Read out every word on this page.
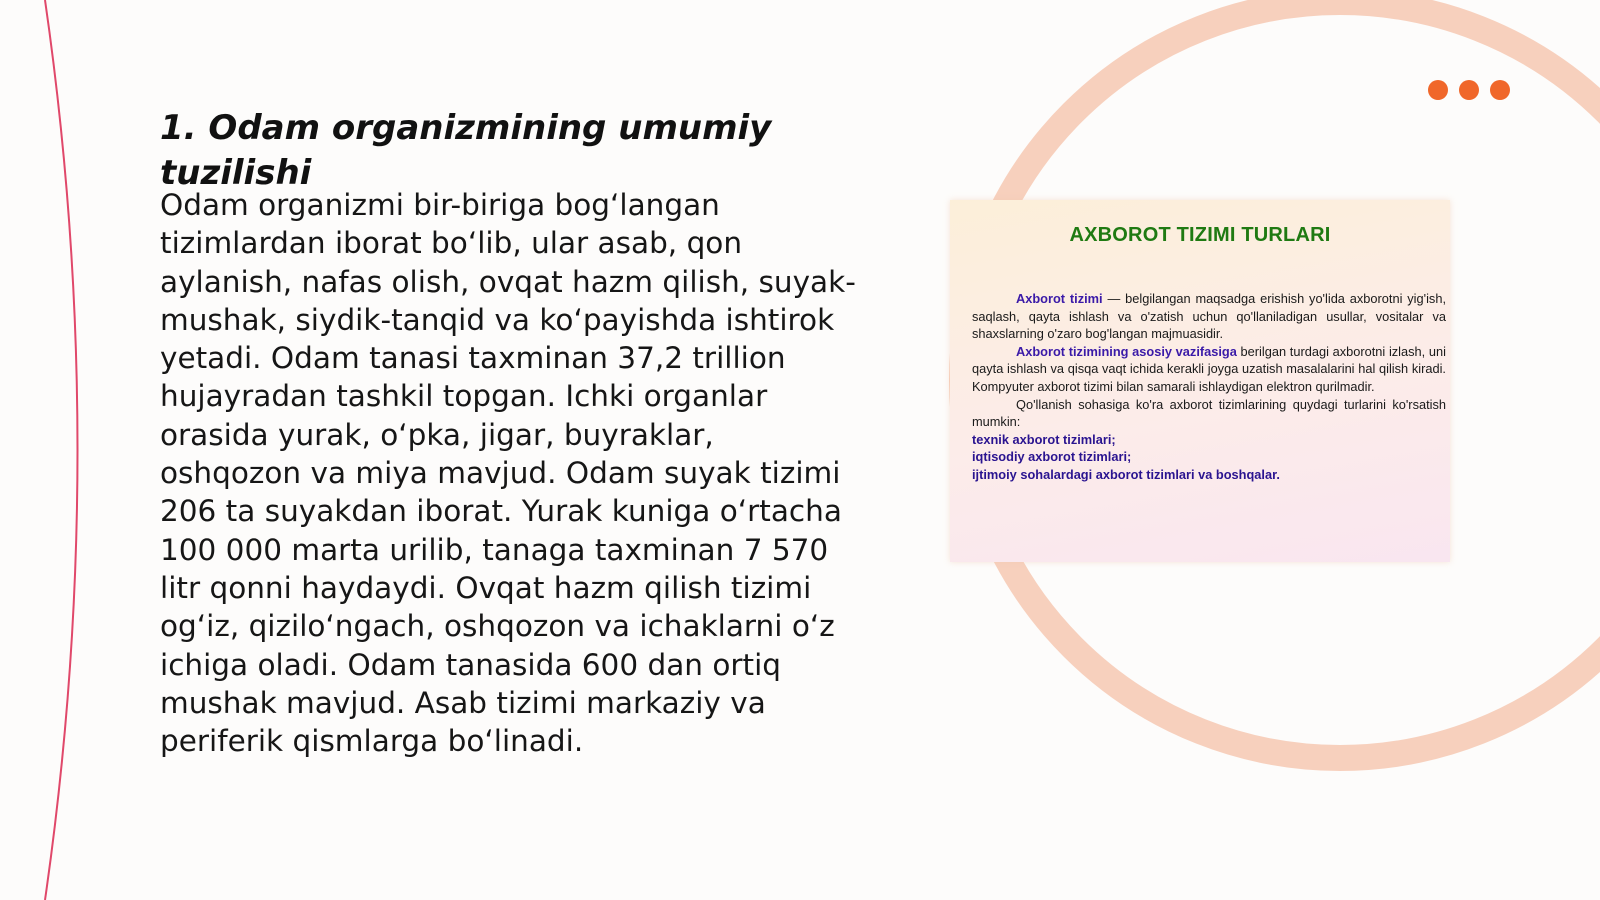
1. Odam organizmining umumiy tuzilishi

Odam organizmi bir-biriga bogʻlangan tizimlardan iborat boʻlib, ular asab, qon aylanish, nafas olish, ovqat hazm qilish, suyak-mushak, siydik-tanqid va koʻpayishda ishtirok yetadi. Odam tanasi taxminan 37,2 trillion hujayradan tashkil topgan. Ichki organlar orasida yurak, oʻpka, jigar, buyraklar, oshqozon va miya mavjud. Odam suyak tizimi 206 ta suyakdan iborat. Yurak kuniga oʻrtacha 100 000 marta urilib, tanaga taxminan 7 570 litr qonni haydaydi. Ovqat hazm qilish tizimi ogʻiz, qiziloʻngach, oshqozon va ichaklarni oʻz ichiga oladi. Odam tanasida 600 dan ortiq mushak mavjud. Asab tizimi markaziy va periferik qismlarga boʻlinadi.

AXBOROT TIZIMI TURLARI

Axborot tizimi — belgilangan maqsadga erishish yo'lida axborotni yig'ish, saqlash, qayta ishlash va o'zatish uchun qo'llaniladigan usullar, vositalar va shaxslarning o'zaro bog'langan majmuasidir.

Axborot tizimining asosiy vazifasiga berilgan turdagi axborotni izlash, uni qayta ishlash va qisqa vaqt ichida kerakli joyga uzatish masalalarini hal qilish kiradi. Kompyuter axborot tizimi bilan samarali ishlaydigan elektron qurilmadir.

Qo'llanish sohasiga ko'ra axborot tizimlarining quydagi turlarini ko'rsatish mumkin:

texnik axborot tizimlari;

iqtisodiy axborot tizimlari;

ijtimoiy sohalardagi axborot tizimlari va boshqalar.
